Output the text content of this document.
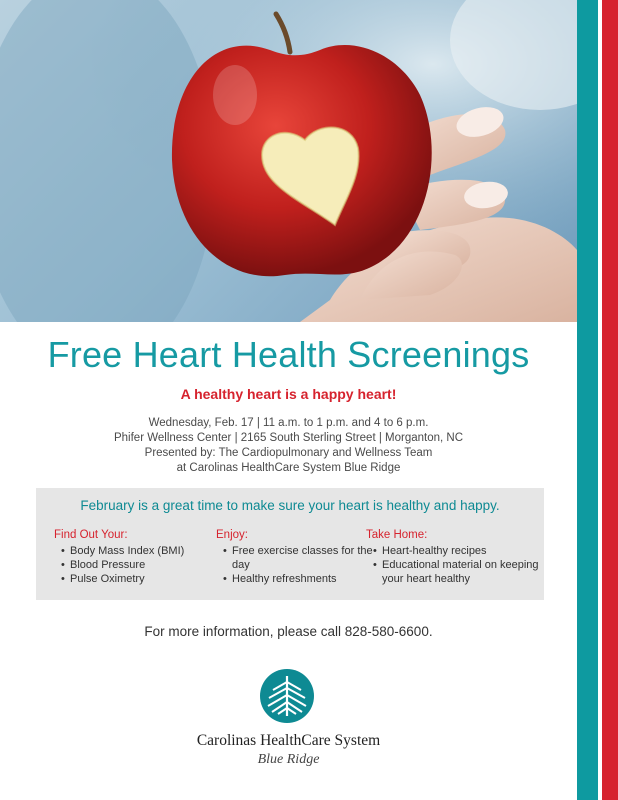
Free Heart Health Screenings
A healthy heart is a happy heart!
Wednesday, Feb. 17 | 11 a.m. to 1 p.m. and 4 to 6 p.m.
Phifer Wellness Center | 2165 South Sterling Street | Morganton, NC
Presented by: The Cardiopulmonary and Wellness Team
at Carolinas HealthCare System Blue Ridge
February is a great time to make sure your heart is healthy and happy.
Find Out Your:
• Body Mass Index (BMI)
• Blood Pressure
• Pulse Oximetry
Enjoy:
• Free exercise classes for the day
• Healthy refreshments
Take Home:
• Heart-healthy recipes
• Educational material on keeping your heart healthy
For more information, please call 828-580-6600.
Carolinas HealthCare System
Blue Ridge
